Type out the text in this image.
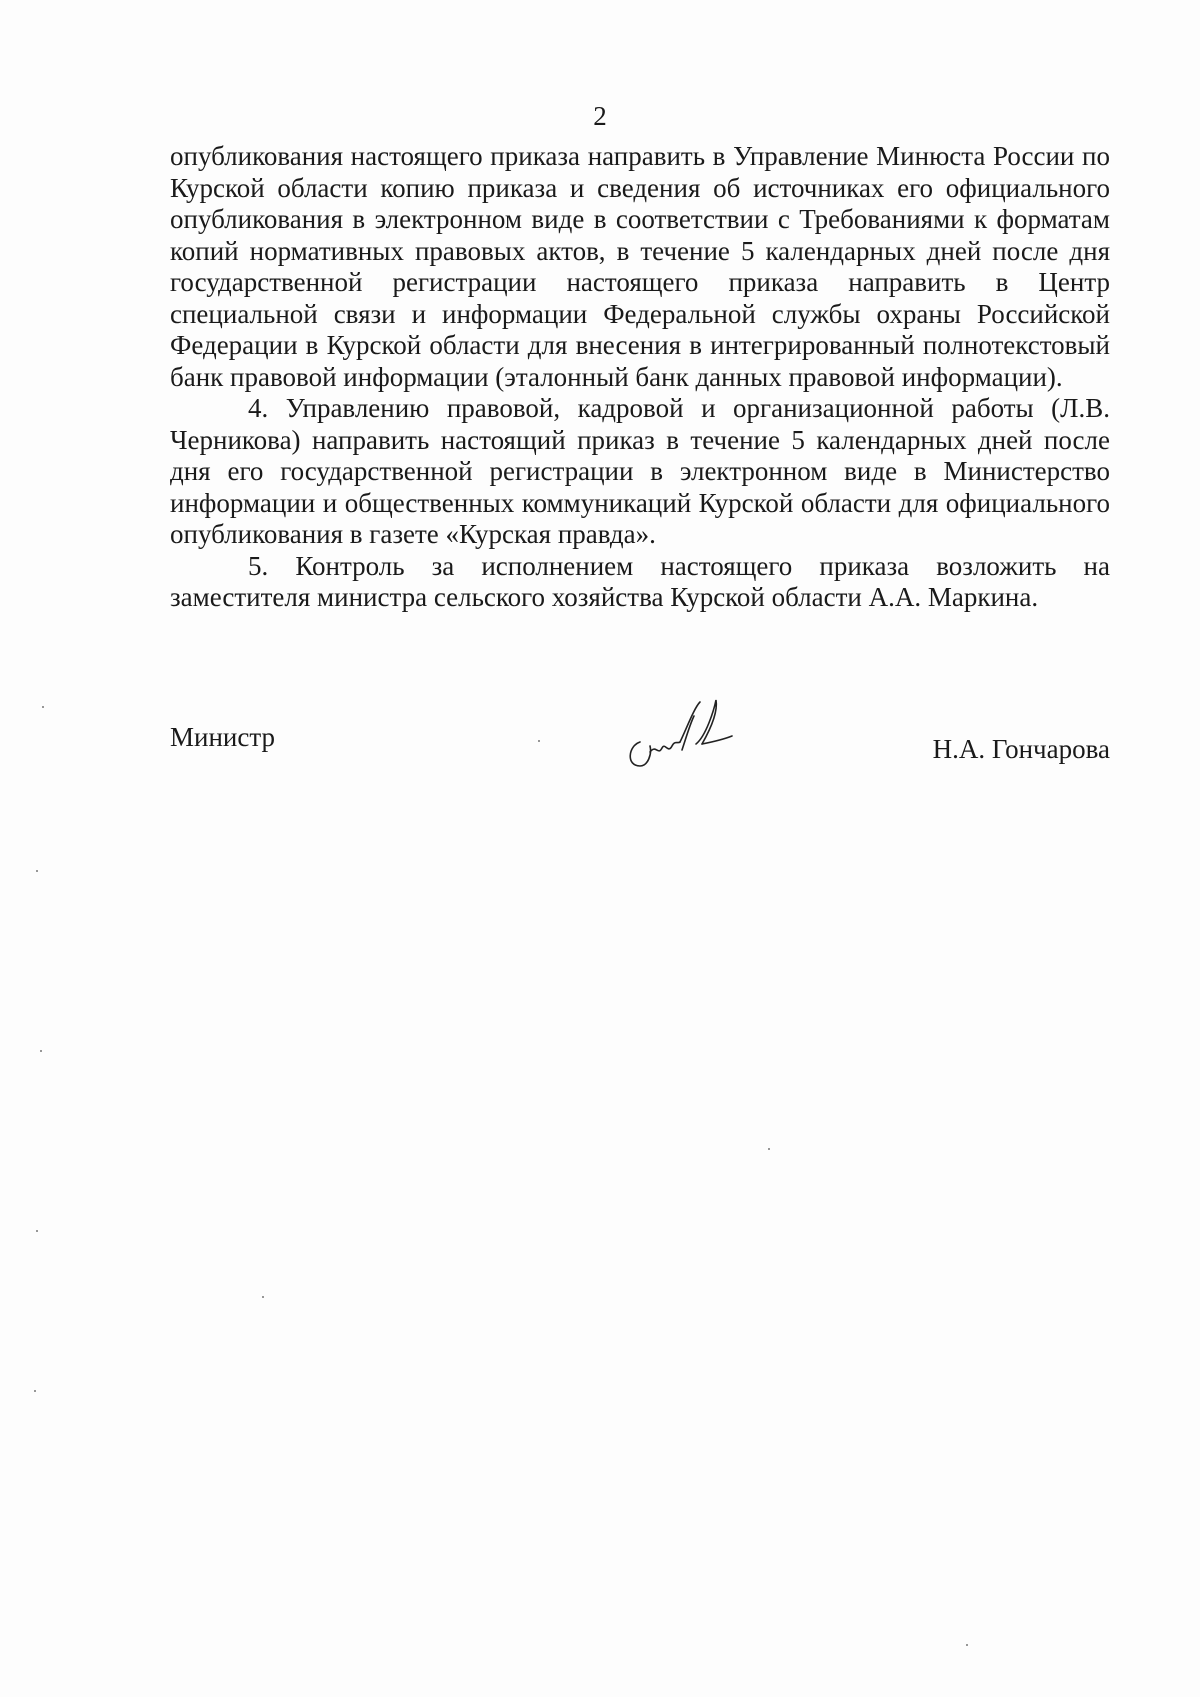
2

опубликования настоящего приказа направить в Управление Минюста России по Курской области копию приказа и сведения об источниках его официального опубликования в электронном виде в соответствии с Требованиями к форматам копий нормативных правовых актов, в течение 5 календарных дней после дня государственной регистрации настоящего приказа направить в Центр специальной связи и информации Федеральной службы охраны Российской Федерации в Курской области для внесения в интегрированный полнотекстовый банк правовой информации (эталонный банк данных правовой информации).

4. Управлению правовой, кадровой и организационной работы (Л.В. Черникова) направить настоящий приказ в течение 5 календарных дней после дня его государственной регистрации в электронном виде в Министерство информации и общественных коммуникаций Курской области для официального опубликования в газете «Курская правда».

5. Контроль за исполнением настоящего приказа возложить на заместителя министра сельского хозяйства Курской области А.А. Маркина.

Министр	Н.А. Гончарова
